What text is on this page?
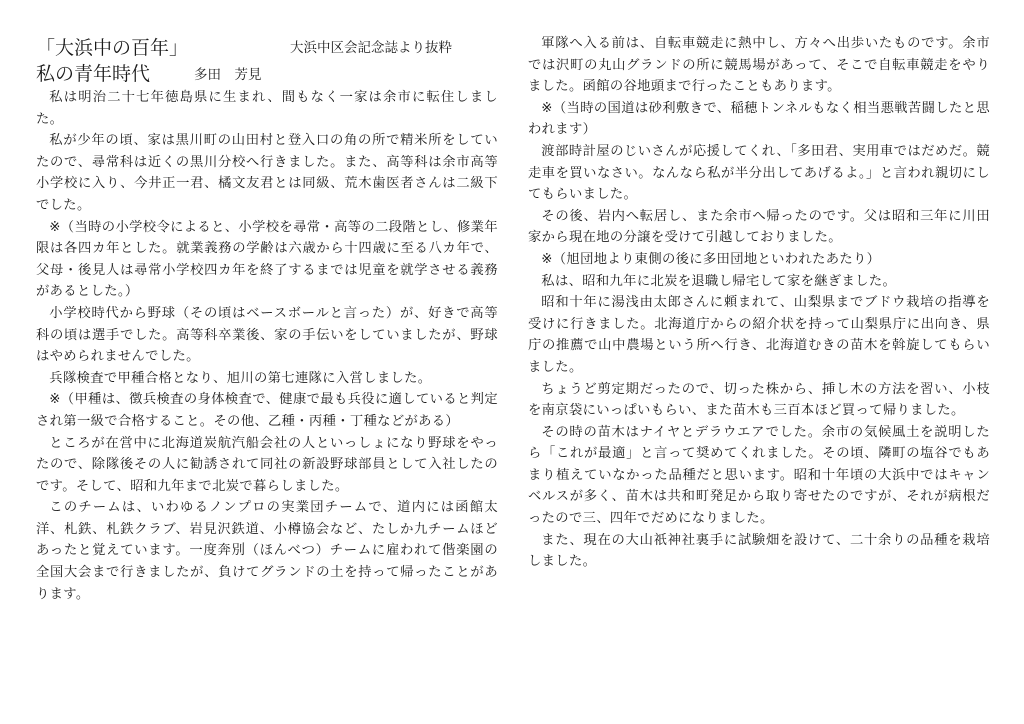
「大浜中の百年」	大浜中区会記念誌より抜粋
私の青年時代	多田　芳見

私は明治二十七年徳島県に生まれ、間もなく一家は余市に転住しました。

私が少年の頃、家は黒川町の山田村と登入口の角の所で精米所をしていたので、尋常科は近くの黒川分校へ行きました。また、高等科は余市高等小学校に入り、今井正一君、橘文友君とは同級、荒木歯医者さんは二級下でした。

※（当時の小学校令によると、小学校を尋常・高等の二段階とし、修業年限は各四カ年とした。就業義務の学齢は六歳から十四歳に至る八カ年で、父母・後見人は尋常小学校四カ年を終了するまでは児童を就学させる義務があるとした。）

小学校時代から野球（その頃はベースボールと言った）が、好きで高等科の頃は選手でした。高等科卒業後、家の手伝いをしていましたが、野球はやめられませんでした。

兵隊検査で甲種合格となり、旭川の第七連隊に入営しました。

※（甲種は、徴兵検査の身体検査で、健康で最も兵役に適していると判定され第一級で合格すること。その他、乙種・丙種・丁種などがある）

ところが在営中に北海道炭航汽船会社の人といっしょになり野球をやったので、除隊後その人に勧誘されて同社の新設野球部員として入社したのです。そして、昭和九年まで北炭で暮らしました。

このチームは、いわゆるノンプロの実業団チームで、道内には函館太洋、札鉄、札鉄クラブ、岩見沢鉄道、小樽協会など、たしか九チームほどあったと覚えています。一度奔別（ほんべつ）チームに雇われて偕楽園の全国大会まで行きましたが、負けてグランドの土を持って帰ったことがあります。

軍隊へ入る前は、自転車競走に熱中し、方々へ出歩いたものです。余市では沢町の丸山グランドの所に競馬場があって、そこで自転車競走をやりました。函館の谷地頭まで行ったこともあります。

※（当時の国道は砂利敷きで、稲穂トンネルもなく相当悪戦苦闘したと思われます）

渡部時計屋のじいさんが応援してくれ、「多田君、実用車ではだめだ。競走車を買いなさい。なんなら私が半分出してあげるよ。」と言われ親切にしてもらいました。

その後、岩内へ転居し、また余市へ帰ったのです。父は昭和三年に川田家から現在地の分譲を受けて引越しておりました。

※（旭団地より東側の後に多田団地といわれたあたり）

私は、昭和九年に北炭を退職し帰宅して家を継ぎました。

昭和十年に湯浅由太郎さんに頼まれて、山梨県までブドウ栽培の指導を受けに行きました。北海道庁からの紹介状を持って山梨県庁に出向き、県庁の推薦で山中農場という所へ行き、北海道むきの苗木を斡旋してもらいました。

ちょうど剪定期だったので、切った株から、挿し木の方法を習い、小枝を南京袋にいっぱいもらい、また苗木も三百本ほど買って帰りました。

その時の苗木はナイヤとデラウエアでした。余市の気候風土を説明したら「これが最適」と言って奨めてくれました。その頃、隣町の塩谷でもあまり植えていなかった品種だと思います。昭和十年頃の大浜中ではキャンベルスが多く、苗木は共和町発足から取り寄せたのですが、それが病根だったので三、四年でだめになりました。

また、現在の大山祇神社裏手に試験畑を設けて、二十余りの品種を栽培しました。
